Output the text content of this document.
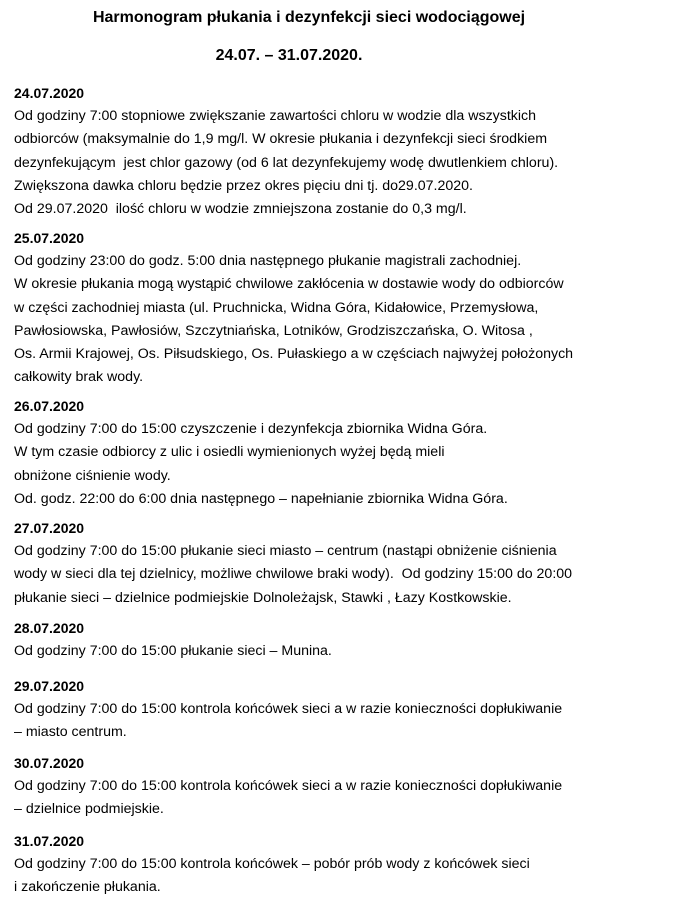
Harmonogram płukania i dezynfekcji sieci wodociągowej
24.07. – 31.07.2020.
24.07.2020
Od godziny 7:00 stopniowe zwiększanie zawartości chloru w wodzie dla wszystkich
odbiorców (maksymalnie do 1,9 mg/l. W okresie płukania i dezynfekcji sieci środkiem
dezynfekującym  jest chlor gazowy (od 6 lat dezynfekujemy wodę dwutlenkiem chloru).
Zwiększona dawka chloru będzie przez okres pięciu dni tj. do29.07.2020.
Od 29.07.2020  ilość chloru w wodzie zmniejszona zostanie do 0,3 mg/l.
25.07.2020
Od godziny 23:00 do godz. 5:00 dnia następnego płukanie magistrali zachodniej.
W okresie płukania mogą wystąpić chwilowe zakłócenia w dostawie wody do odbiorców
w części zachodniej miasta (ul. Pruchnicka, Widna Góra, Kidałowice, Przemysłowa,
Pawłosiowska, Pawłosiów, Szczytniańska, Lotników, Grodziszczańska, O. Witosa ,
Os. Armii Krajowej, Os. Piłsudskiego, Os. Pułaskiego a w częściach najwyżej położonych
całkowity brak wody.
26.07.2020
Od godziny 7:00 do 15:00 czyszczenie i dezynfekcja zbiornika Widna Góra.
W tym czasie odbiorcy z ulic i osiedli wymienionych wyżej będą mieli
obniżone ciśnienie wody.
Od. godz. 22:00 do 6:00 dnia następnego – napełnianie zbiornika Widna Góra.
27.07.2020
Od godziny 7:00 do 15:00 płukanie sieci miasto – centrum (nastąpi obniżenie ciśnienia
wody w sieci dla tej dzielnicy, możliwe chwilowe braki wody).  Od godziny 15:00 do 20:00
płukanie sieci – dzielnice podmiejskie Dolnoleżajsk, Stawki , Łazy Kostkowskie.
28.07.2020
Od godziny 7:00 do 15:00 płukanie sieci – Munina.
29.07.2020
Od godziny 7:00 do 15:00 kontrola końcówek sieci a w razie konieczności dopłukiwanie
– miasto centrum.
30.07.2020
Od godziny 7:00 do 15:00 kontrola końcówek sieci a w razie konieczności dopłukiwanie
– dzielnice podmiejskie.
31.07.2020
Od godziny 7:00 do 15:00 kontrola końcówek – pobór prób wody z końcówek sieci
i zakończenie płukania.
